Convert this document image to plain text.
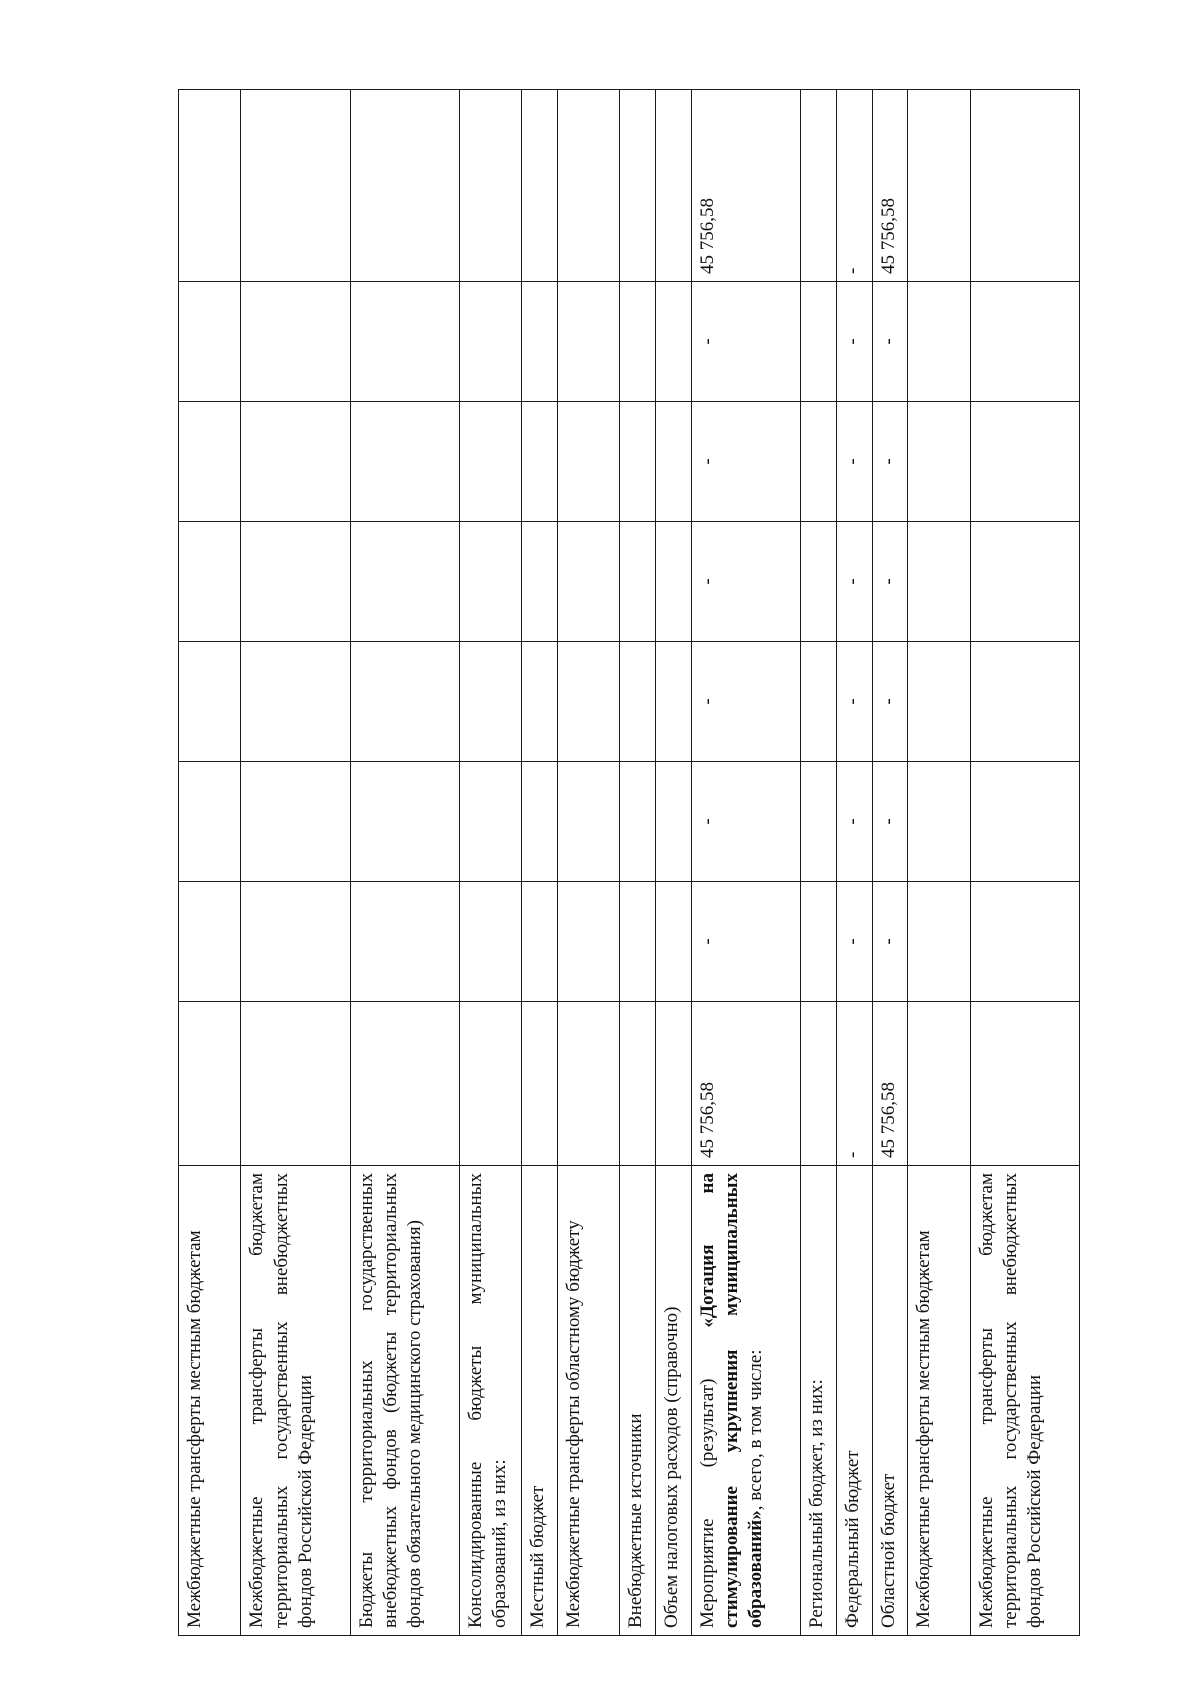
Межбюджетные трансферты местным бюджетам								
Межбюджетные трансферты бюджетам территориальных государственных внебюджетных фондов Российской Федерации								
Бюджеты территориальных государственных внебюджетных фондов (бюджеты территориальных фондов обязательного медицинского страхования)								
Консолидированные бюджеты муниципальных образований, из них:								
Местный бюджет								
Межбюджетные трансферты областному бюджету								
Внебюджетные источники								
Объем налоговых расходов (справочно)								
Мероприятие (результат) «Дотация на стимулирование укрупнения муниципальных образований», всего, в том числе:	45 756,58	-	-	-	-	-	-	45 756,58
Региональный бюджет, из них:								
Федеральный бюджет	-	-	-	-	-	-	-	-
Областной бюджет	45 756,58	-	-	-	-	-	-	45 756,58
Межбюджетные трансферты местным бюджетам								
Межбюджетные трансферты бюджетам территориальных государственных внебюджетных фондов Российской Федерации								
